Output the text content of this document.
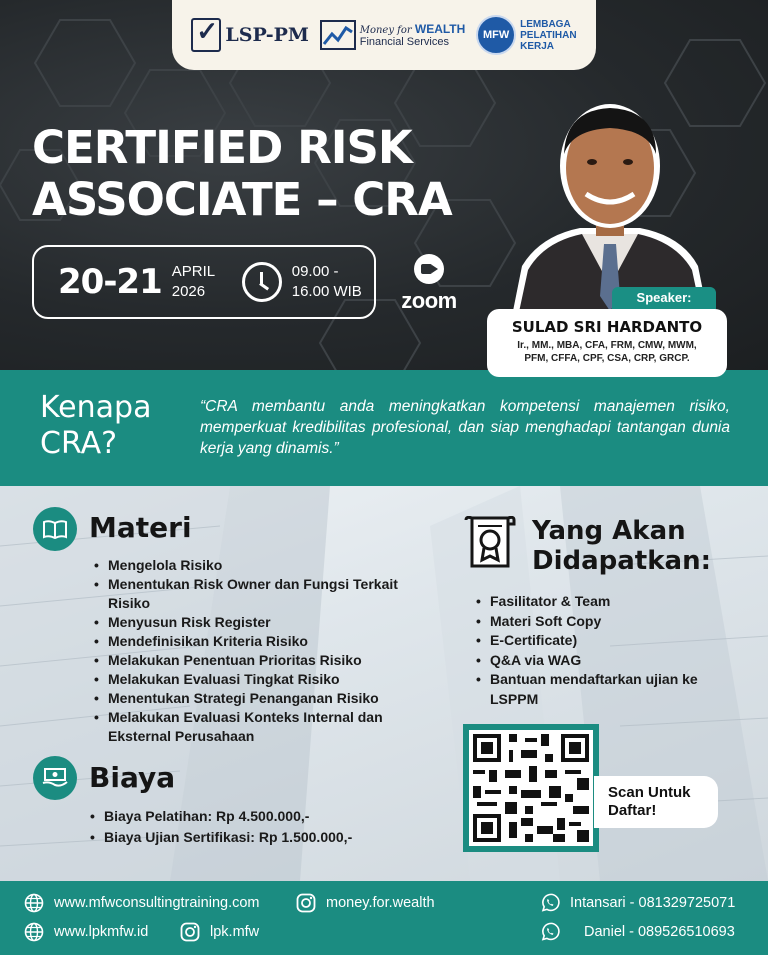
✓
LSP-PM	Money for WEALTH
Financial Services
MFW
LEMBAGA
PELATIHAN
KERJA
CERTIFIED RISK
ASSOCIATE – CRA
20-21 APRIL
2026
09.00 -
16.00 WIB zoom	Speaker:
SULAD SRI HARDANTO
Ir., MM., MBA, CFA, FRM, CMW, MWM,
PFM, CFFA, CPF, CSA, CRP, GRCP.
Kenapa
CRA?
“CRA membantu anda meningkatkan kompetensi manajemen risiko, memperkuat kredibilitas profesional, dan siap menghadapi tantangan dunia kerja yang dinamis.”
Materi
• Mengelola Risiko
• Menentukan Risk Owner dan Fungsi Terkait Risiko
• Menyusun Risk Register
• Mendefinisikan Kriteria Risiko
• Melakukan Penentuan Prioritas Risiko
• Melakukan Evaluasi Tingkat Risiko
• Menentukan Strategi Penanganan Risiko
• Melakukan Evaluasi Konteks Internal dan Eksternal Perusahaan
Biaya
• Biaya Pelatihan: Rp 4.500.000,-
• Biaya Ujian Sertifikasi: Rp 1.500.000,-
Yang Akan
Didapatkan:
• Fasilitator & Team
• Materi Soft Copy
• E-Certificate)
• Q&A via WAG
• Bantuan mendaftarkan ujian ke LSPPM
Scan Untuk
Daftar!
www.mfwconsultingtraining.com
www.lpkmfw.id
money.for.wealth
lpk.mfw
Intansari - 081329725071
Daniel - 089526510693
